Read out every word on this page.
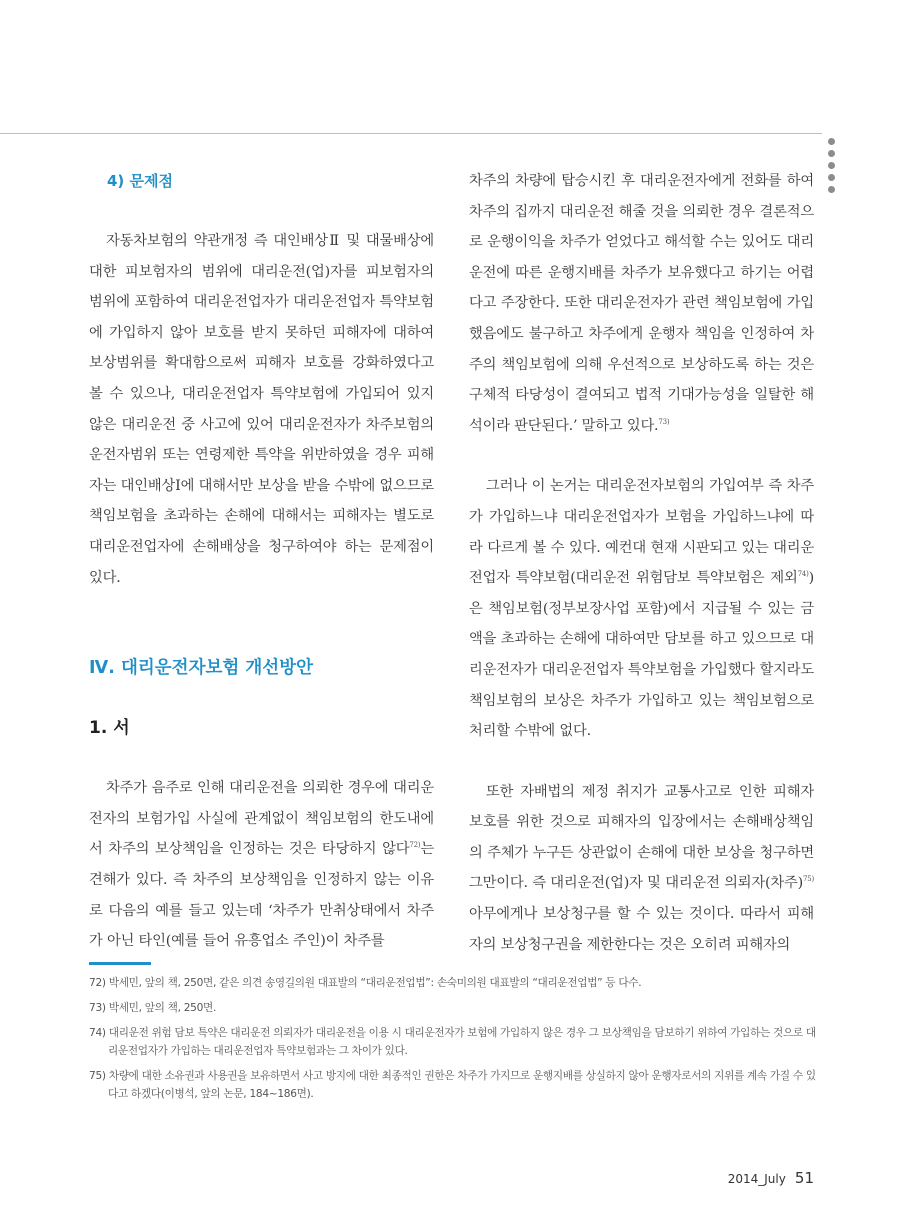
4) 문제점

자동차보험의 약관개정 즉 대인배상Ⅱ 및 대물배상에 대한 피보험자의 범위에 대리운전(업)자를 피보험자의 범위에 포함하여 대리운전업자가 대리운전업자 특약보험에 가입하지 않아 보호를 받지 못하던 피해자에 대하여 보상범위를 확대함으로써 피해자 보호를 강화하였다고 볼 수 있으나, 대리운전업자 특약보험에 가입되어 있지 않은 대리운전 중 사고에 있어 대리운전자가 차주보험의 운전자범위 또는 연령제한 특약을 위반하였을 경우 피해자는 대인배상Ⅰ에 대해서만 보상을 받을 수밖에 없으므로 책임보험을 초과하는 손해에 대해서는 피해자는 별도로 대리운전업자에 손해배상을 청구하여야 하는 문제점이 있다.

Ⅳ. 대리운전자보험 개선방안
1. 서

차주가 음주로 인해 대리운전을 의뢰한 경우에 대리운전자의 보험가입 사실에 관계없이 책임보험의 한도내에서 차주의 보상책임을 인정하는 것은 타당하지 않다$^{72)}$는 견해가 있다. 즉 차주의 보상책임을 인정하지 않는 이유로 다음의 예를 들고 있는데 ‘차주가 만취상태에서 차주가 아닌 타인(예를 들어 유흥업소 주인)이 차주를

차주의 차량에 탑승시킨 후 대리운전자에게 전화를 하여 차주의 집까지 대리운전 해줄 것을 의뢰한 경우 결론적으로 운행이익을 차주가 얻었다고 해석할 수는 있어도 대리운전에 따른 운행지배를 차주가 보유했다고 하기는 어렵다고 주장한다. 또한 대리운전자가 관련 책임보험에 가입했음에도 불구하고 차주에게 운행자 책임을 인정하여 차주의 책임보험에 의해 우선적으로 보상하도록 하는 것은 구체적 타당성이 결여되고 법적 기대가능성을 일탈한 해석이라 판단된다.’ 말하고 있다.$^{73)}$

그러나 이 논거는 대리운전자보험의 가입여부 즉 차주가 가입하느냐 대리운전업자가 보험을 가입하느냐에 따라 다르게 볼 수 있다. 예컨대 현재 시판되고 있는 대리운전업자 특약보험(대리운전 위험담보 특약보험은 제외$^{74)}$)은 책임보험(정부보장사업 포함)에서 지급될 수 있는 금액을 초과하는 손해에 대하여만 담보를 하고 있으므로 대리운전자가 대리운전업자 특약보험을 가입했다 할지라도 책임보험의 보상은 차주가 가입하고 있는 책임보험으로 처리할 수밖에 없다.

또한 자배법의 제정 취지가 교통사고로 인한 피해자 보호를 위한 것으로 피해자의 입장에서는 손해배상책임의 주체가 누구든 상관없이 손해에 대한 보상을 청구하면 그만이다. 즉 대리운전(업)자 및 대리운전 의뢰자(차주)$^{75)}$ 아무에게나 보상청구를 할 수 있는 것이다. 따라서 피해자의 보상청구권을 제한한다는 것은 오히려 피해자의

72) 박세민, 앞의 책, 250면, 같은 의견 송영길의원 대표발의 “대리운전업법”: 손숙미의원 대표발의 “대리운전업법” 등 다수.

73) 박세민, 앞의 책, 250면.

74) 대리운전 위험 담보 특약은 대리운전 의뢰자가 대리운전을 이용 시 대리운전자가 보험에 가입하지 않은 경우 그 보상책임을 담보하기 위하여 가입하는 것으로 대리운전업자가 가입하는 대리운전업자 특약보험과는 그 차이가 있다.

75) 차량에 대한 소유권과 사용권을 보유하면서 사고 방지에 대한 최종적인 권한은 차주가 가지므로 운행지배를 상실하지 않아 운행자로서의 지위를 계속 가질 수 있다고 하겠다(이병석, 앞의 논문, 184~186면).

2014_July 51
